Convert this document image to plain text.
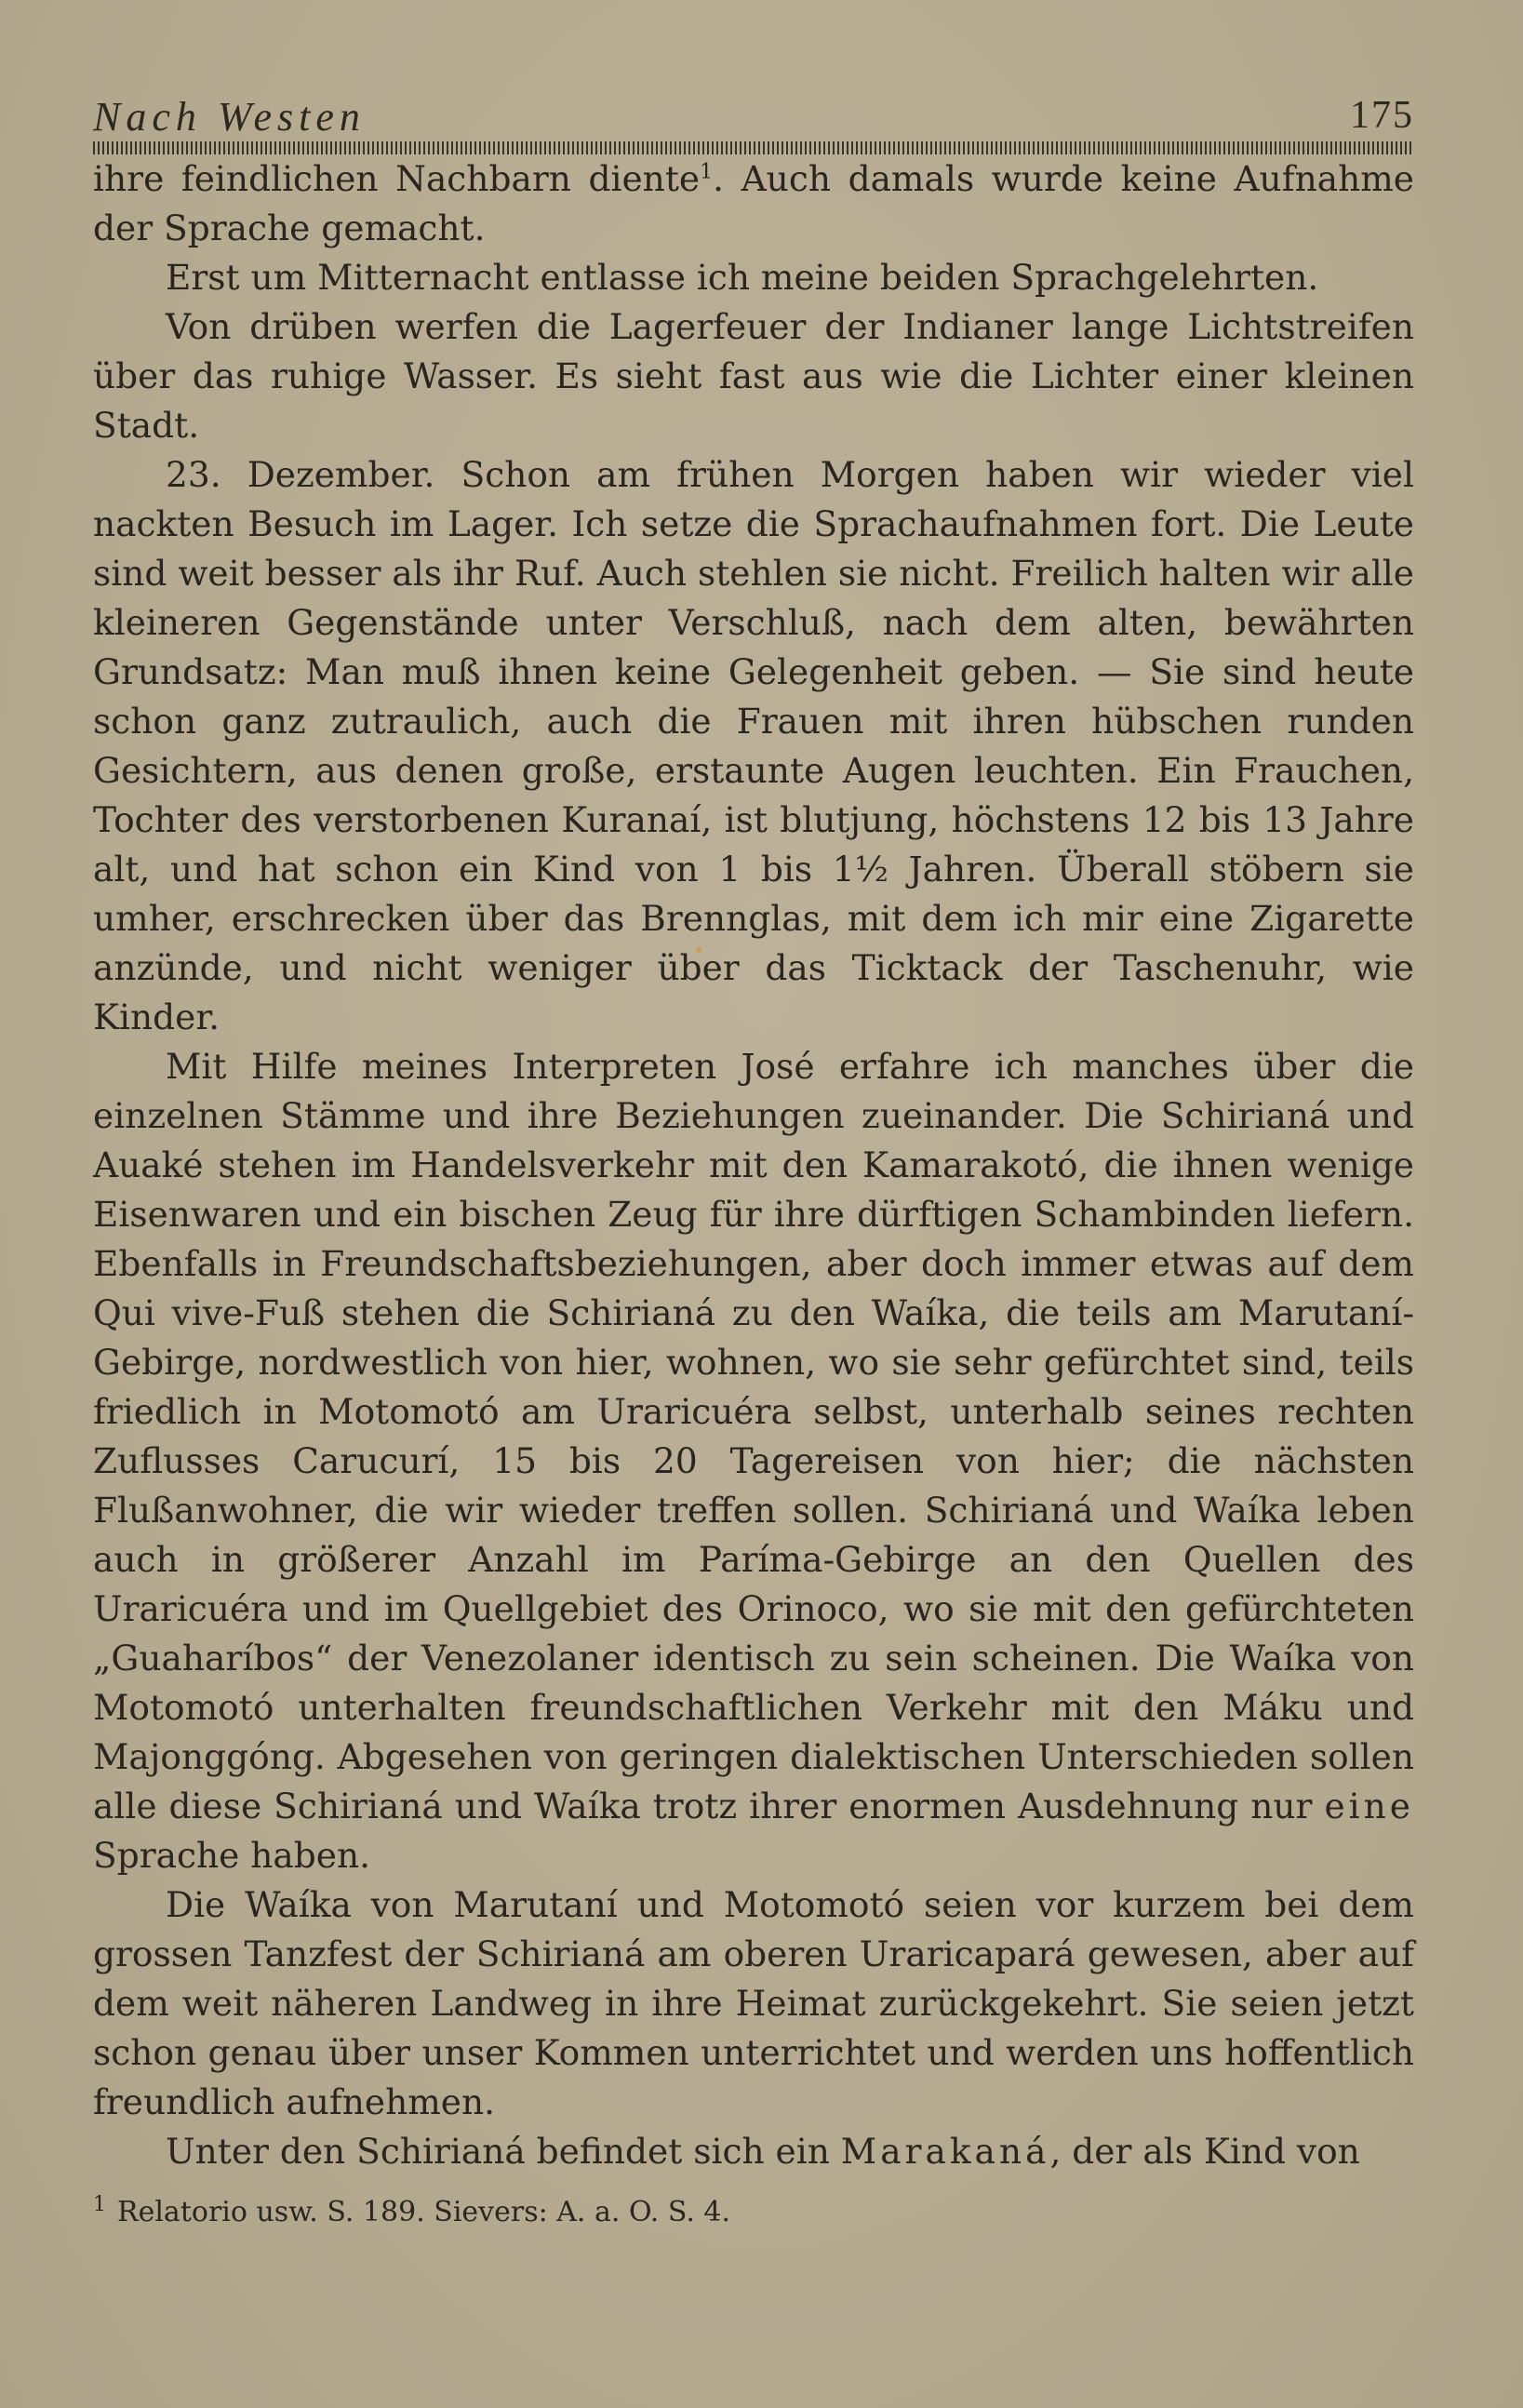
Nach Westen	175

ihre feindlichen Nachbarn diente$^1$. Auch damals wurde keine Aufnahme der Sprache gemacht.

Erst um Mitternacht entlasse ich meine beiden Sprachgelehrten.

Von drüben werfen die Lagerfeuer der Indianer lange Lichtstreifen über das ruhige Wasser. Es sieht fast aus wie die Lichter einer kleinen Stadt.

23. Dezember. Schon am frühen Morgen haben wir wieder viel nackten Besuch im Lager. Ich setze die Sprachaufnahmen fort. Die Leute sind weit besser als ihr Ruf. Auch stehlen sie nicht. Freilich halten wir alle kleineren Gegenstände unter Verschluß, nach dem alten, bewährten Grundsatz: Man muß ihnen keine Gelegenheit geben. — Sie sind heute schon ganz zutraulich, auch die Frauen mit ihren hübschen runden Gesichtern, aus denen große, erstaunte Augen leuchten. Ein Frauchen, Tochter des verstorbenen Kuranaí, ist blutjung, höchstens 12 bis 13 Jahre alt, und hat schon ein Kind von 1 bis 1½ Jahren. Überall stöbern sie umher, erschrecken über das Brennglas, mit dem ich mir eine Zigarette anzünde, und nicht weniger über das Ticktack der Taschenuhr, wie Kinder.

Mit Hilfe meines Interpreten José erfahre ich manches über die einzelnen Stämme und ihre Beziehungen zueinander. Die Schirianá und Auaké stehen im Handelsverkehr mit den Kamarakotó, die ihnen wenige Eisenwaren und ein bischen Zeug für ihre dürftigen Schambinden liefern. Ebenfalls in Freundschaftsbeziehungen, aber doch immer etwas auf dem Qui vive-Fuß stehen die Schirianá zu den Waíka, die teils am Marutaní-Gebirge, nordwestlich von hier, wohnen, wo sie sehr gefürchtet sind, teils friedlich in Motomotó am Uraricuéra selbst, unterhalb seines rechten Zuflusses Carucurí, 15 bis 20 Tagereisen von hier; die nächsten Flußanwohner, die wir wieder treffen sollen. Schirianá und Waíka leben auch in größerer Anzahl im Paríma-Gebirge an den Quellen des Uraricuéra und im Quellgebiet des Orinoco, wo sie mit den gefürchteten „Guaharíbos“ der Venezolaner identisch zu sein scheinen. Die Waíka von Motomotó unterhalten freundschaftlichen Verkehr mit den Máku und Majonggóng. Abgesehen von geringen dialektischen Unterschieden sollen alle diese Schirianá und Waíka trotz ihrer enormen Ausdehnung nur eine Sprache haben.

Die Waíka von Marutaní und Motomotó seien vor kurzem bei dem grossen Tanzfest der Schirianá am oberen Uraricapará gewesen, aber auf dem weit näheren Landweg in ihre Heimat zurückgekehrt. Sie seien jetzt schon genau über unser Kommen unterrichtet und werden uns hoffentlich freundlich aufnehmen.

Unter den Schirianá befindet sich ein Marakaná, der als Kind von

$^1$ Relatorio usw. S. 189. Sievers: A. a. O. S. 4.
